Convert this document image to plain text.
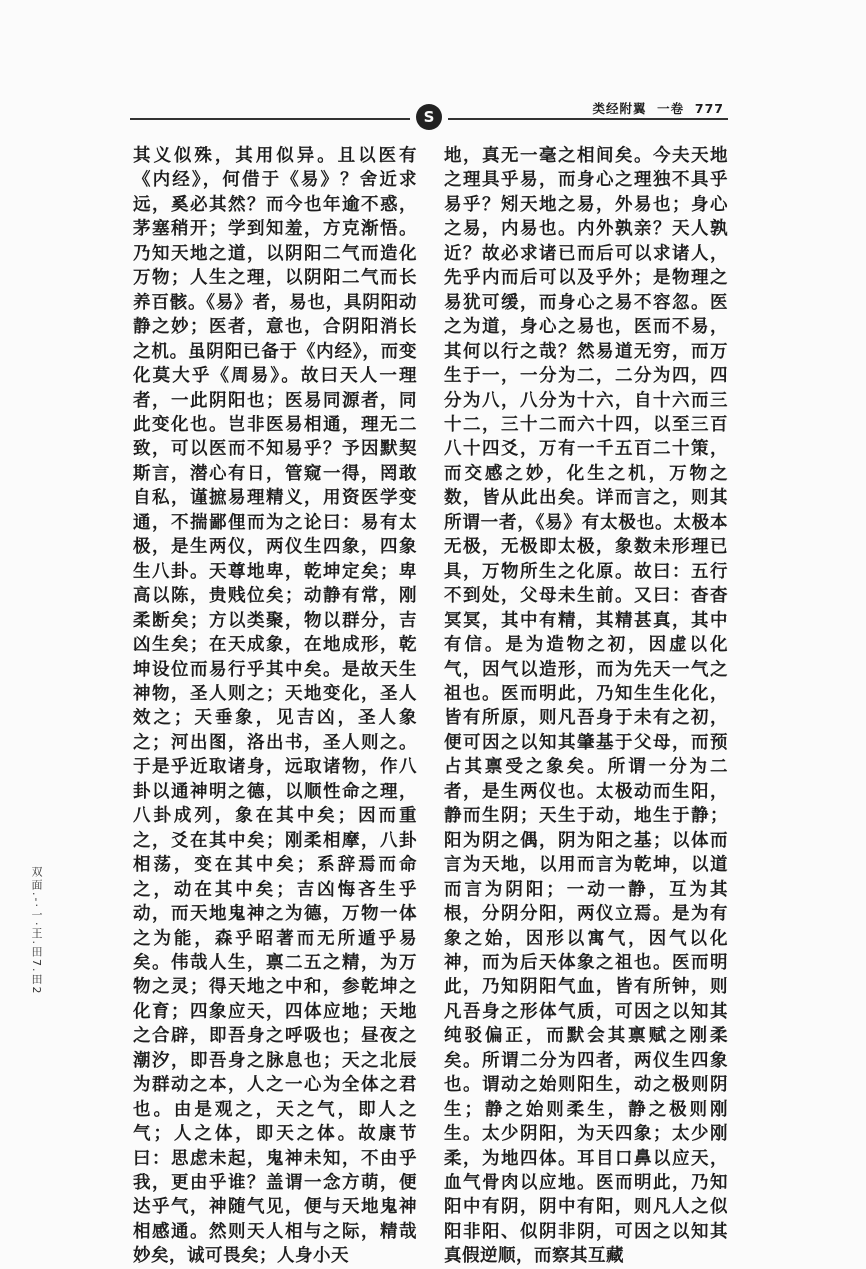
S	类经附翼 一卷 777
其义似殊，其用似异。且以医有《内经》，何借于《易》？舍近求远，奚必其然？而今也年逾不惑，茅塞稍开；学到知羞，方克渐悟。乃知天地之道，以阴阳二气而造化万物；人生之理，以阴阳二气而长养百骸。《易》者，易也，具阴阳动静之妙；医者，意也，合阴阳消长之机。虽阴阳已备于《内经》，而变化莫大乎《周易》。故曰天人一理者，一此阴阳也；医易同源者，同此变化也。岂非医易相通，理无二致，可以医而不知易乎？予因默契斯言，潜心有日，管窥一得，罔敢自私，谨摭易理精义，用资医学变通，不揣鄙俚而为之论曰：易有太极，是生两仪，两仪生四象，四象生八卦。天尊地卑，乾坤定矣；卑高以陈，贵贱位矣；动静有常，刚柔断矣；方以类聚，物以群分，吉凶生矣；在天成象，在地成形，乾坤设位而易行乎其中矣。是故天生神物，圣人则之；天地变化，圣人效之；天垂象，见吉凶，圣人象之；河出图，洛出书，圣人则之。于是乎近取诸身，远取诸物，作八卦以通神明之德，以顺性命之理，八卦成列，象在其中矣；因而重之，爻在其中矣；刚柔相摩，八卦相荡，变在其中矣；系辞焉而命之，动在其中矣；吉凶悔吝生乎动，而天地鬼神之为德，万物一体之为能，森乎昭著而无所遁乎易矣。伟哉人生，禀二五之精，为万物之灵；得天地之中和，参乾坤之化育；四象应天，四体应地；天地之合辟，即吾身之呼吸也；昼夜之潮汐，即吾身之脉息也；天之北辰为群动之本，人之一心为全体之君也。由是观之，天之气，即人之气；人之体，即天之体。故康节曰：思虑未起，鬼神未知，不由乎我，更由乎谁？盖谓一念方萌，便达乎气，神随气见，便与天地鬼神相感通。然则天人相与之际，精哉妙矣，诚可畏矣；人身小天
地，真无一毫之相间矣。今夫天地之理具乎易，而身心之理独不具乎易乎？矧天地之易，外易也；身心之易，内易也。内外孰亲？天人孰近？故必求诸已而后可以求诸人，先乎内而后可以及乎外；是物理之易犹可缓，而身心之易不容忽。医之为道，身心之易也，医而不易，其何以行之哉？然易道无穷，而万生于一，一分为二，二分为四，四分为八，八分为十六，自十六而三十二，三十二而六十四，以至三百八十四爻，万有一千五百二十策，而交感之妙，化生之机，万物之数，皆从此出矣。详而言之，则其所谓一者，《易》有太极也。太极本无极，无极即太极，象数未形理已具，万物所生之化原。故曰：五行不到处，父母未生前。又曰：杳杳冥冥，其中有精，其精甚真，其中有信。是为造物之初，因虚以化气，因气以造形，而为先天一气之祖也。医而明此，乃知生生化化，皆有所原，则凡吾身于未有之初，便可因之以知其肇基于父母，而预占其禀受之象矣。所谓一分为二者，是生两仪也。太极动而生阳，静而生阴；天生于动，地生于静；阳为阴之偶，阴为阳之基；以体而言为天地，以用而言为乾坤，以道而言为阴阳；一动一静，互为其根，分阴分阳，两仪立焉。是为有象之始，因形以寓气，因气以化神，而为后天体象之祖也。医而明此，乃知阴阳气血，皆有所钟，则凡吾身之形体气质，可因之以知其纯驳偏正，而默会其禀赋之刚柔矣。所谓二分为四者，两仪生四象也。谓动之始则阳生，动之极则阴生；静之始则柔生，静之极则刚生。太少阴阳，为天四象；太少刚柔，为地四体。耳目口鼻以应天，血气骨肉以应地。医而明此，乃知阳中有阴，阴中有阳，则凡人之似阳非阳、似阴非阴，可因之以知其真假逆顺，而察其互藏
双面.-·一·王.田7.田2
